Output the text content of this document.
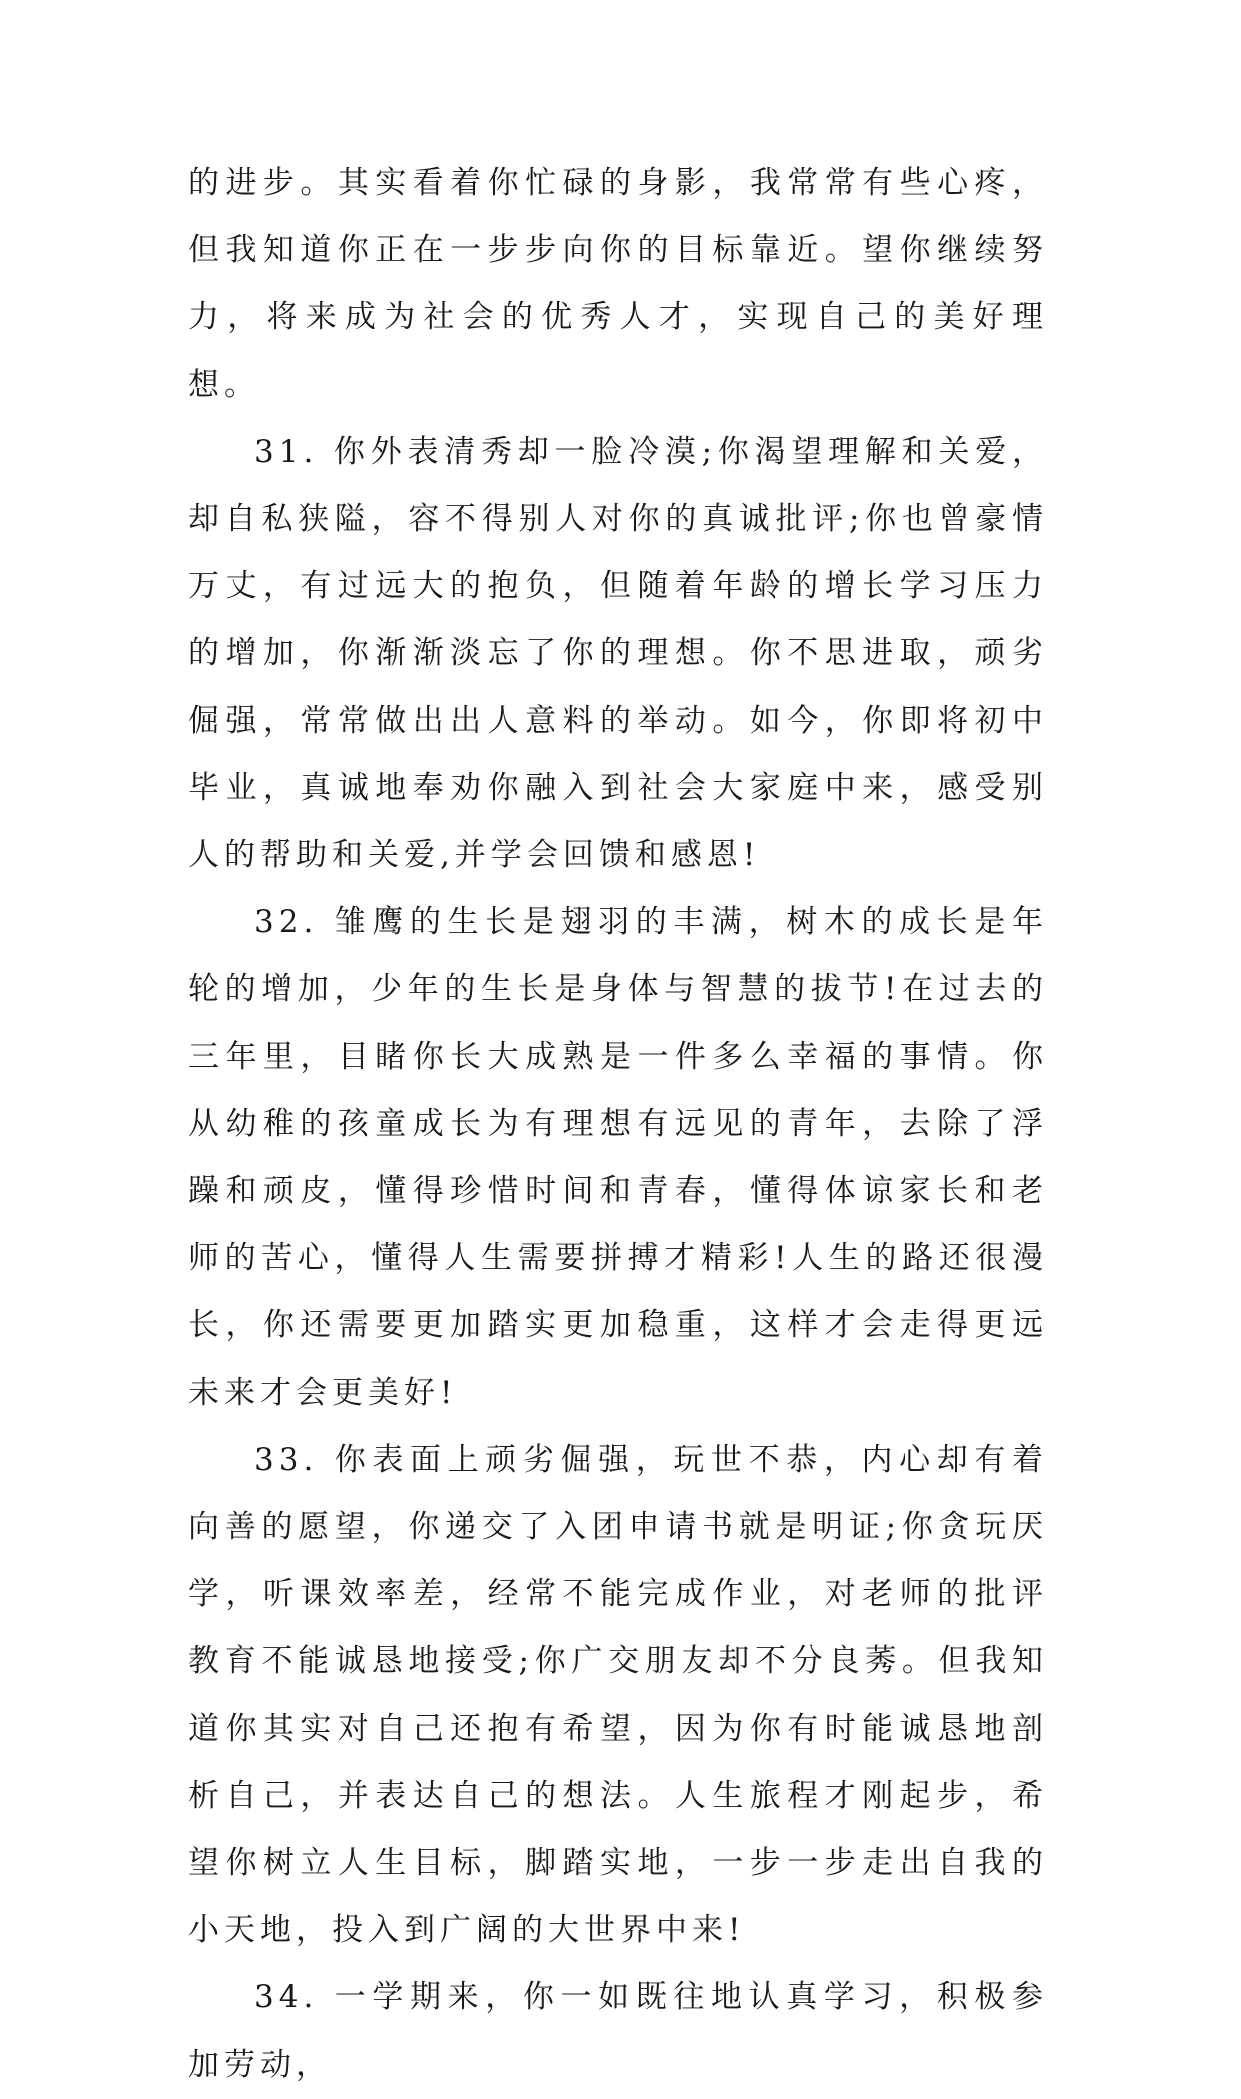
的进步。其实看着你忙碌的身影，我常常有些心疼，但我知道你正在一步步向你的目标靠近。望你继续努力，将来成为社会的优秀人才，实现自己的美好理想。

31. 你外表清秀却一脸冷漠;你渴望理解和关爱，却自私狭隘，容不得别人对你的真诚批评;你也曾豪情万丈，有过远大的抱负，但随着年龄的增长学习压力的增加，你渐渐淡忘了你的理想。你不思进取，顽劣倔强，常常做出出人意料的举动。如今，你即将初中毕业，真诚地奉劝你融入到社会大家庭中来，感受别人的帮助和关爱,并学会回馈和感恩!

32. 雏鹰的生长是翅羽的丰满，树木的成长是年轮的增加，少年的生长是身体与智慧的拔节!在过去的三年里，目睹你长大成熟是一件多么幸福的事情。你从幼稚的孩童成长为有理想有远见的青年，去除了浮躁和顽皮，懂得珍惜时间和青春，懂得体谅家长和老师的苦心，懂得人生需要拼搏才精彩!人生的路还很漫长，你还需要更加踏实更加稳重，这样才会走得更远未来才会更美好!

33. 你表面上顽劣倔强，玩世不恭，内心却有着向善的愿望，你递交了入团申请书就是明证;你贪玩厌学，听课效率差，经常不能完成作业，对老师的批评教育不能诚恳地接受;你广交朋友却不分良莠。但我知道你其实对自己还抱有希望，因为你有时能诚恳地剖析自己，并表达自己的想法。人生旅程才刚起步，希望你树立人生目标，脚踏实地，一步一步走出自我的小天地，投入到广阔的大世界中来!

34. 一学期来，你一如既往地认真学习，积极参加劳动，
